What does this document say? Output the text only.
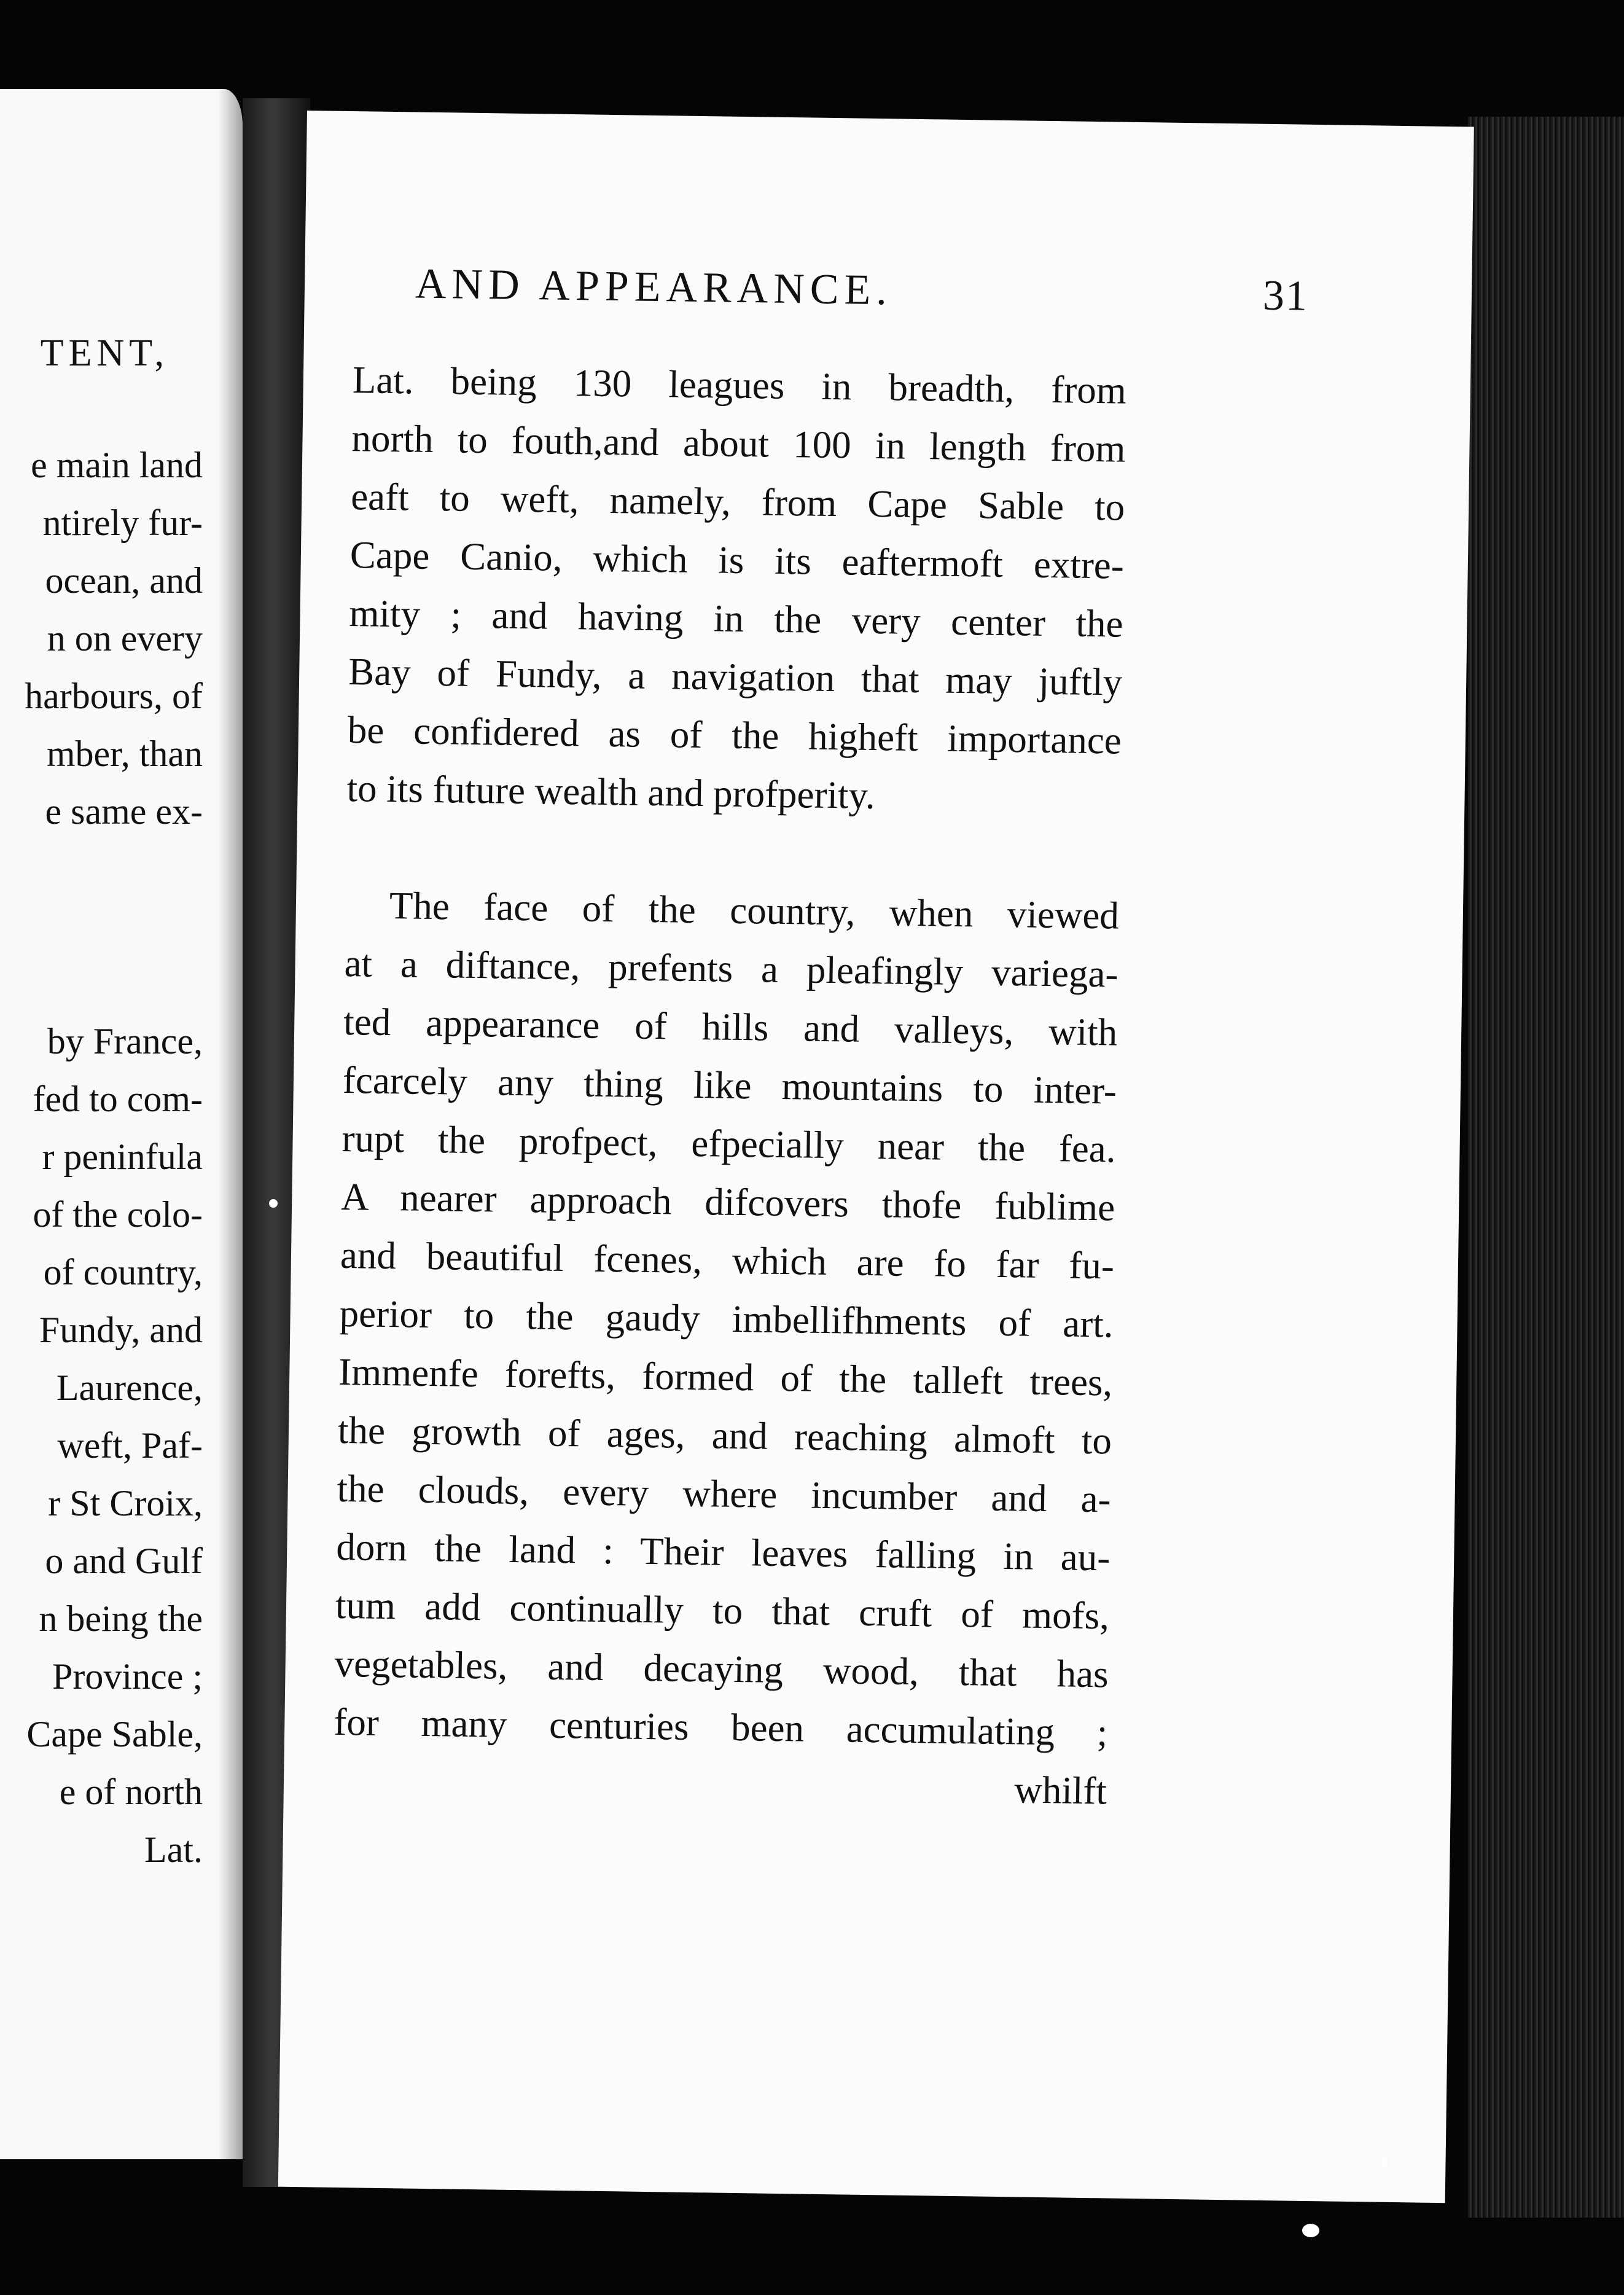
TENT,
e main land
ntirely fur-
ocean, and
n on every
harbours, of
mber, than
e same ex-
by France,
fed to com-
r peninfula
of the colo-
of country,
Fundy, and
Laurence,
weft, Paf-
r St Croix,
o and Gulf
n being the
Province ;
Cape Sable,
e of north
Lat.
AND APPEARANCE.	31
Lat. being 130 leagues in breadth, from
north to fouth,and about 100 in length from
eaft to weft, namely, from Cape Sable to
Cape Canio, which is its eaftermoft extre-
mity ; and having in the very center the
Bay of Fundy, a navigation that may juftly
be confidered as of the higheft importance
to its future wealth and profperity.
The face of the country, when viewed
at a diftance, prefents a pleafingly variega-
ted appearance of hills and valleys, with
fcarcely any thing like mountains to inter-
rupt the profpect, efpecially near the fea.
A nearer approach difcovers thofe fublime
and beautiful fcenes, which are fo far fu-
perior to the gaudy imbellifhments of art.
Immenfe forefts, formed of the talleft trees,
the growth of ages, and reaching almoft to
the clouds, every where incumber and a-
dorn the land : Their leaves falling in au-
tum add continually to that cruft of mofs,
vegetables, and decaying wood, that has
for many centuries been accumulating ;
whilft
